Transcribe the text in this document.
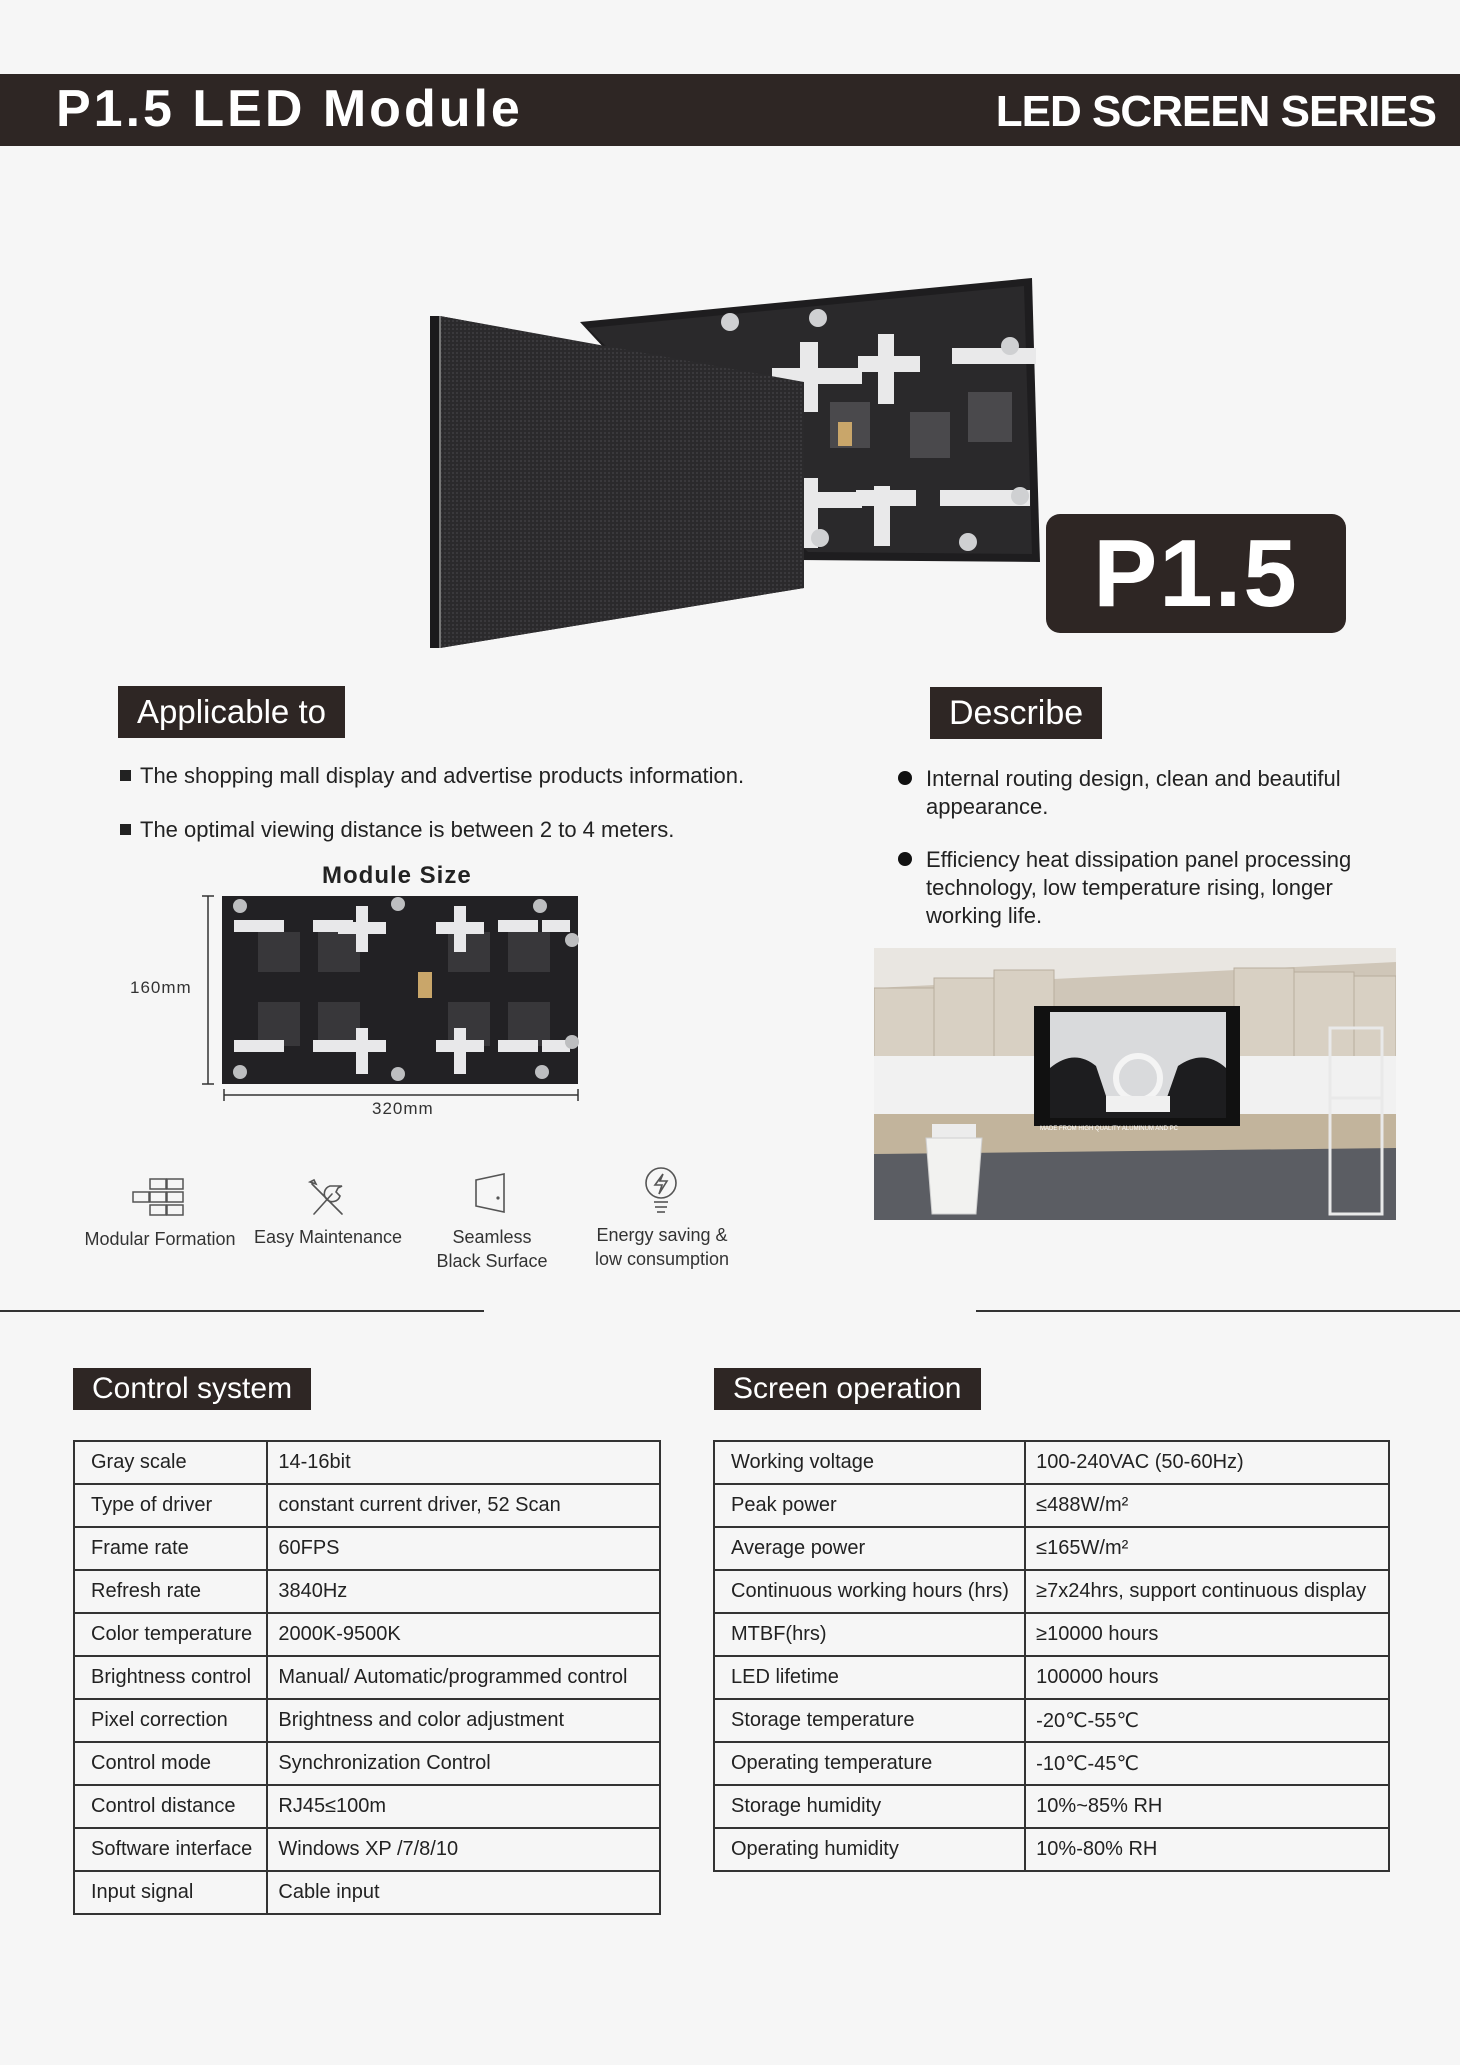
P1.5 LED Module	LED SCREEN SERIES
P1.5
Applicable to
The shopping mall display and advertise products information.
The optimal viewing distance is between 2 to 4 meters.
Describe
Internal routing design, clean and beautiful appearance.
Efficiency heat dissipation panel processing technology, low temperature rising, longer working life.
Module Size
160mm
320mm
Modular Formation	Easy Maintenance	Seamless
Black Surface
Energy saving &
low consumption
MADE FROM HIGH QUALITY ALUMINUM AND PC
Control system
Gray scale	14-16bit
Type of driver	constant current driver, 52 Scan
Frame rate	60FPS
Refresh rate	3840Hz
Color temperature	2000K-9500K
Brightness control	Manual/ Automatic/programmed control
Pixel correction	Brightness and color adjustment
Control mode	Synchronization Control
Control distance	RJ45≤100m
Software interface	Windows XP /7/8/10
Input signal	Cable input
Screen operation
Working voltage	100-240VAC (50-60Hz)
Peak power	≤488W/m²
Average power	≤165W/m²
Continuous working hours (hrs)	≥7x24hrs, support continuous display
MTBF(hrs)	≥10000 hours
LED lifetime	100000 hours
Storage temperature	-20℃-55℃
Operating temperature	-10℃-45℃
Storage humidity	10%~85% RH
Operating humidity	10%-80% RH
